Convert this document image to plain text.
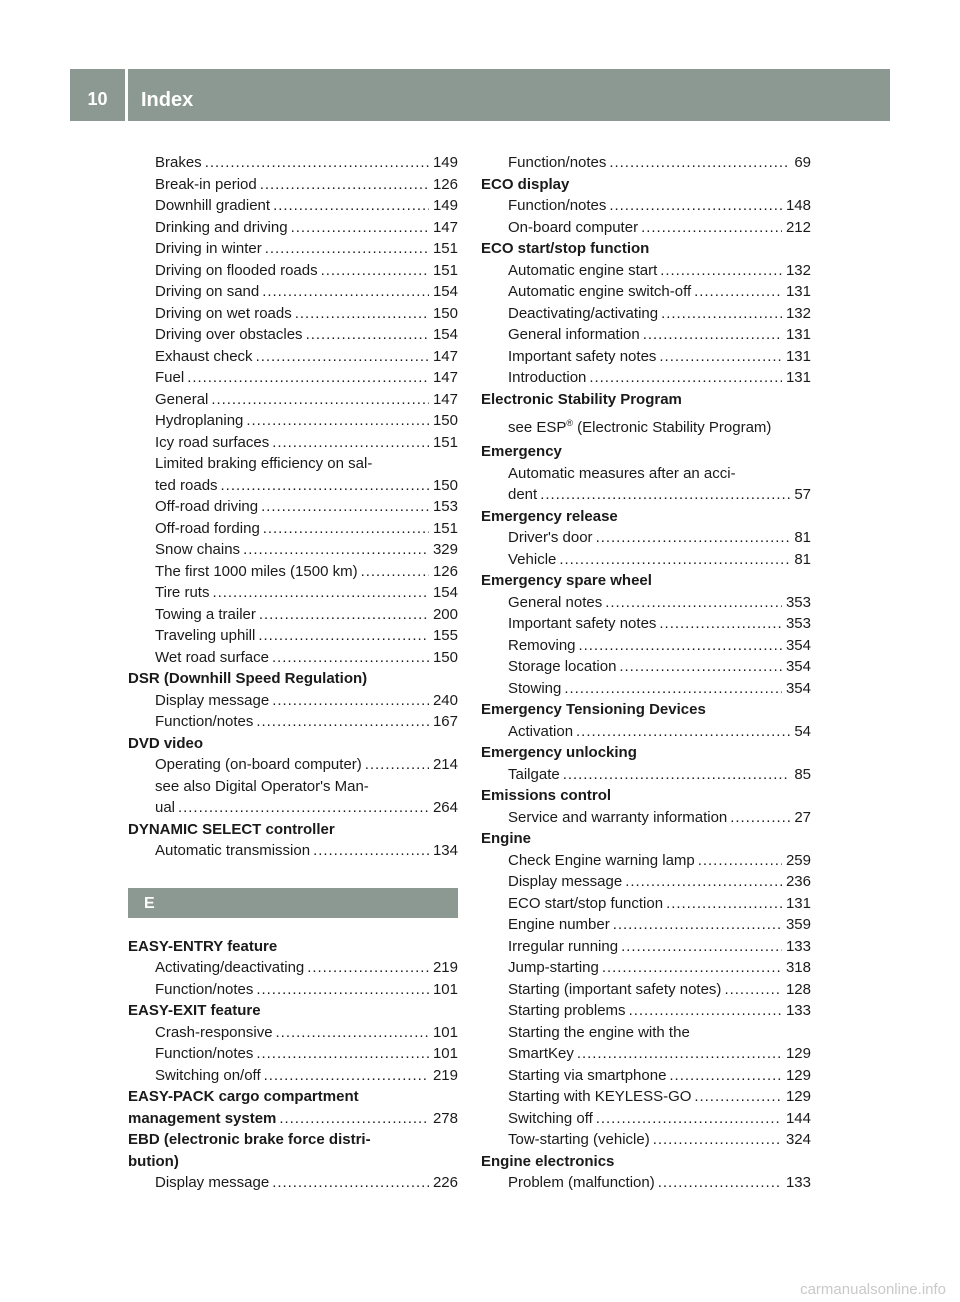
10	Index
Brakes . . .	149
Break-in period . . .	126
Downhill gradient . . .	149
Drinking and driving . . .	147
Driving in winter . . .	151
Driving on flooded roads . . .	151
Driving on sand . . .	154
Driving on wet roads . . .	150
Driving over obstacles . . .	154
Exhaust check . . .	147
Fuel . . .	147
General . . .	147
Hydroplaning . . .	150
Icy road surfaces . . .	151
Limited braking efficiency on sal-
ted roads . . .	150
Off-road driving . . .	153
Off-road fording . . .	151
Snow chains . . .	329
The first 1000 miles (1500 km) . . .	126
Tire ruts . . .	154
Towing a trailer . . .	200
Traveling uphill . . .	155
Wet road surface . . .	150
DSR (Downhill Speed Regulation)
Display message . . .	240
Function/notes . . .	167
DVD video
Operating (on-board computer) . . .	214
see also Digital Operator's Man-
ual . . .	264
DYNAMIC SELECT controller
Automatic transmission . . .	134
E
EASY-ENTRY feature
Activating/deactivating . . .	219
Function/notes . . .	101
EASY-EXIT feature
Crash-responsive . . .	101
Function/notes . . .	101
Switching on/off . . .	219
EASY-PACK cargo compartment
management system . . .	278
EBD (electronic brake force distri-
bution)
Display message . . .	226
Function/notes . . .	69
ECO display
Function/notes . . .	148
On-board computer . . .	212
ECO start/stop function
Automatic engine start . . .	132
Automatic engine switch-off . . .	131
Deactivating/activating . . .	132
General information . . .	131
Important safety notes . . .	131
Introduction . . .	131
Electronic Stability Program
see ESP® (Electronic Stability Program)
Emergency
Automatic measures after an acci-
dent . . .	57
Emergency release
Driver's door . . .	81
Vehicle . . .	81
Emergency spare wheel
General notes . . .	353
Important safety notes . . .	353
Removing . . .	354
Storage location . . .	354
Stowing . . .	354
Emergency Tensioning Devices
Activation . . .	54
Emergency unlocking
Tailgate . . .	85
Emissions control
Service and warranty information . . .	27
Engine
Check Engine warning lamp . . .	259
Display message . . .	236
ECO start/stop function . . .	131
Engine number . . .	359
Irregular running . . .	133
Jump-starting . . .	318
Starting (important safety notes) . . .	128
Starting problems . . .	133
Starting the engine with the
SmartKey . . .	129
Starting via smartphone . . .	129
Starting with KEYLESS-GO . . .	129
Switching off . . .	144
Tow-starting (vehicle) . . .	324
Engine electronics
Problem (malfunction) . . .	133
carmanualsonline.info
